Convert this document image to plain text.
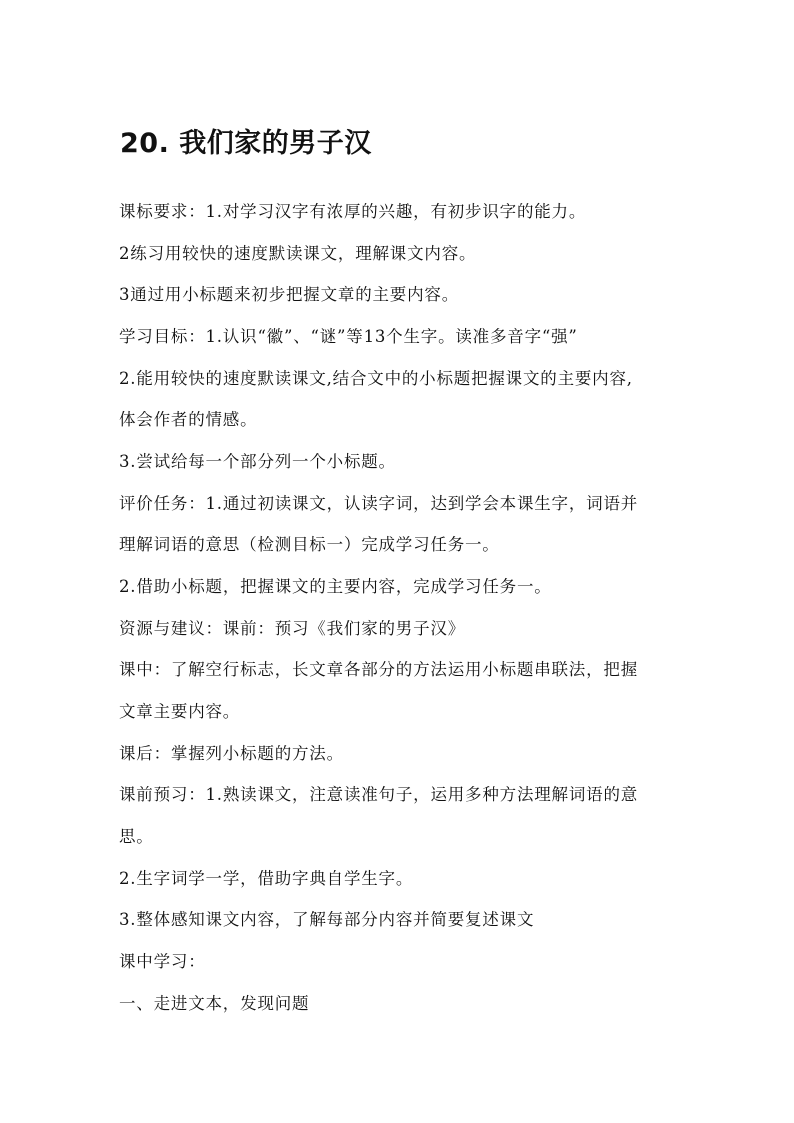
20. 我们家的男子汉
课标要求：1.对学习汉字有浓厚的兴趣，有初步识字的能力。
2练习用较快的速度默读课文，理解课文内容。
3通过用小标题来初步把握文章的主要内容。
学习目标：1.认识“徽”、“谜”等13个生字。读准多音字“强”
2.能用较快的速度默读课文,结合文中的小标题把握课文的主要内容,
体会作者的情感。
3.尝试给每一个部分列一个小标题。
评价任务：1.通过初读课文，认读字词，达到学会本课生字，词语并
理解词语的意思（检测目标一）完成学习任务一。
2.借助小标题，把握课文的主要内容，完成学习任务一。
资源与建议：课前：预习《我们家的男子汉》
课中：了解空行标志，长文章各部分的方法运用小标题串联法，把握
文章主要内容。
课后：掌握列小标题的方法。
课前预习：1.熟读课文，注意读准句子，运用多种方法理解词语的意
思。
2.生字词学一学，借助字典自学生字。
3.整体感知课文内容，了解每部分内容并简要复述课文
课中学习：
一、走进文本，发现问题
